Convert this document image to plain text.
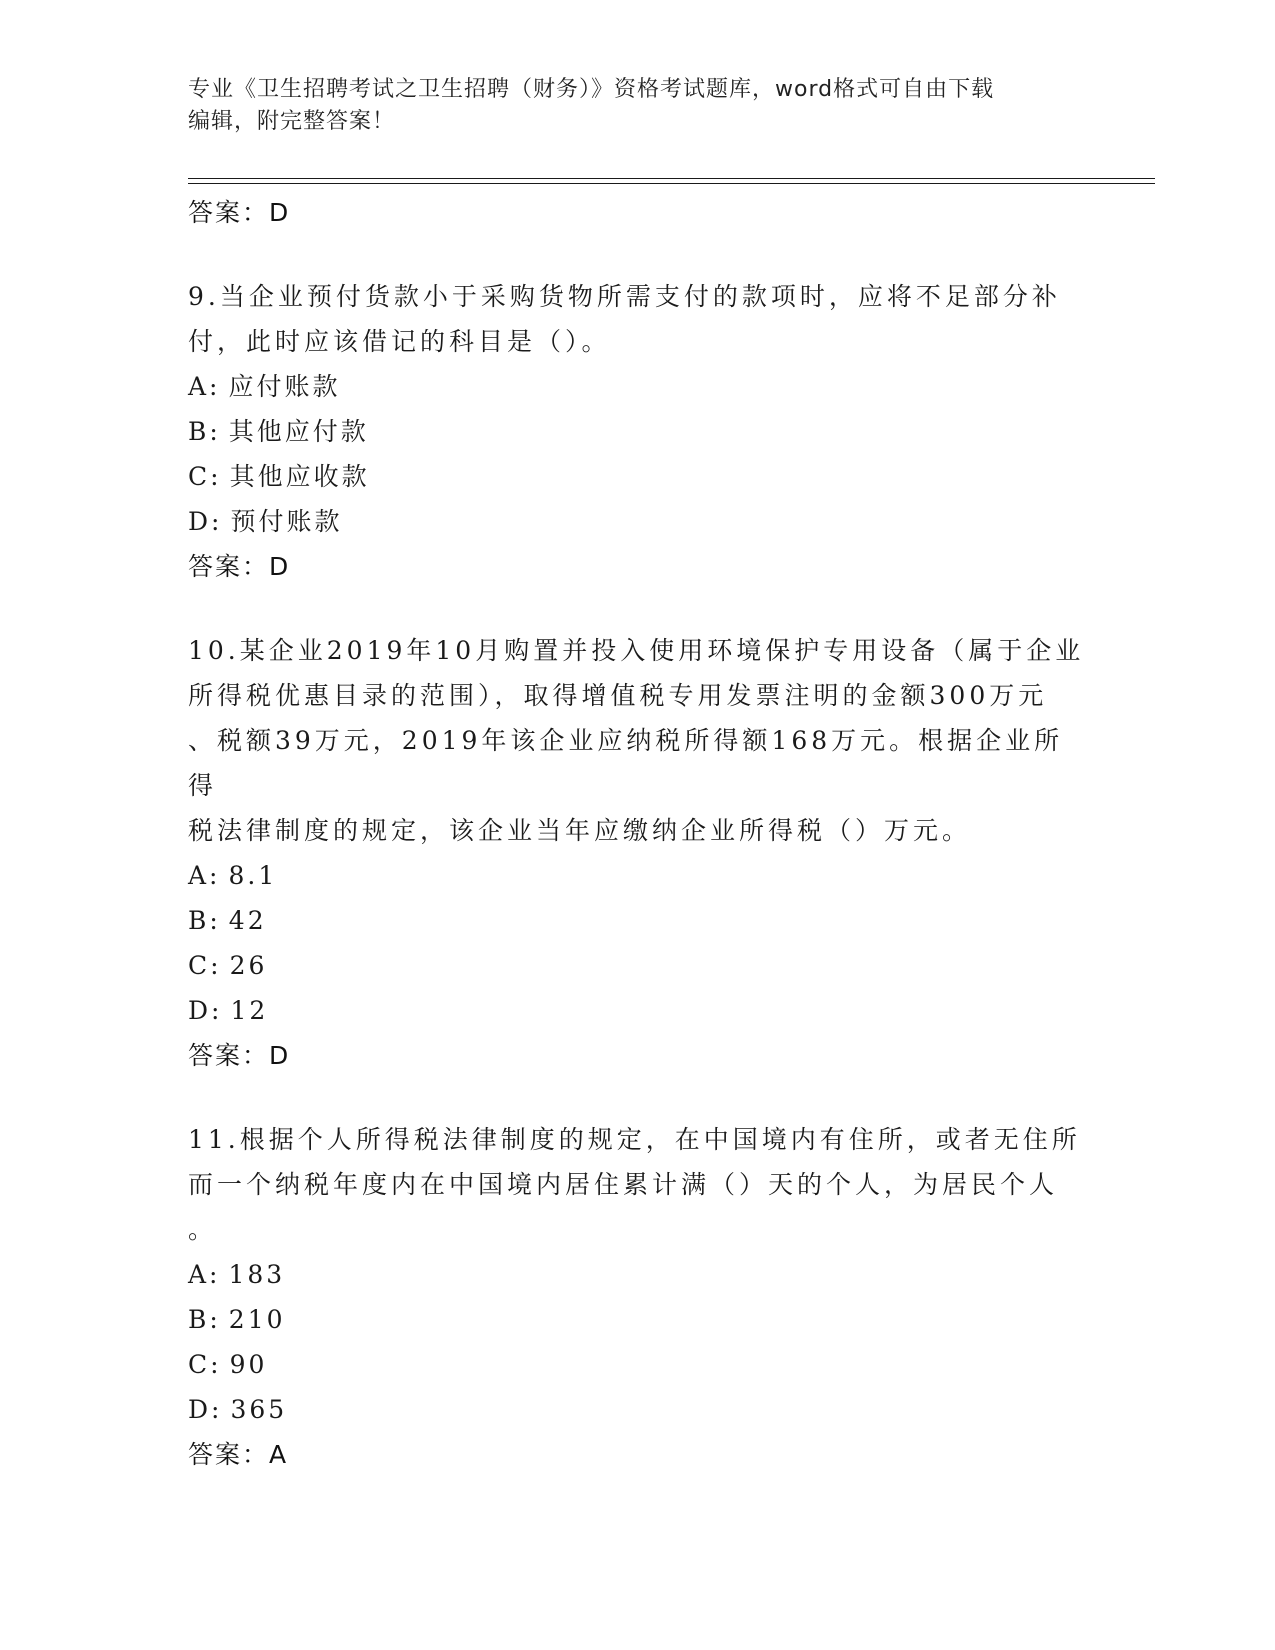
专业《卫生招聘考试之卫生招聘（财务）》资格考试题库，word格式可自由下载
编辑，附完整答案！
答案：D

9.当企业预付货款小于采购货物所需支付的款项时，应将不足部分补

付，此时应该借记的科目是（）。

A: 应付账款
B: 其他应付款
C: 其他应收款
D: 预付账款
答案：D

10.某企业2019年10月购置并投入使用环境保护专用设备（属于企业

所得税优惠目录的范围），取得增值税专用发票注明的金额300万元

、税额39万元，2019年该企业应纳税所得额168万元。根据企业所得

税法律制度的规定，该企业当年应缴纳企业所得税（）万元。

A: 8.1
B: 42
C: 26
D: 12
答案：D

11.根据个人所得税法律制度的规定，在中国境内有住所，或者无住所

而一个纳税年度内在中国境内居住累计满（）天的个人，为居民个人

。

A: 183
B: 210
C: 90
D: 365
答案：A
